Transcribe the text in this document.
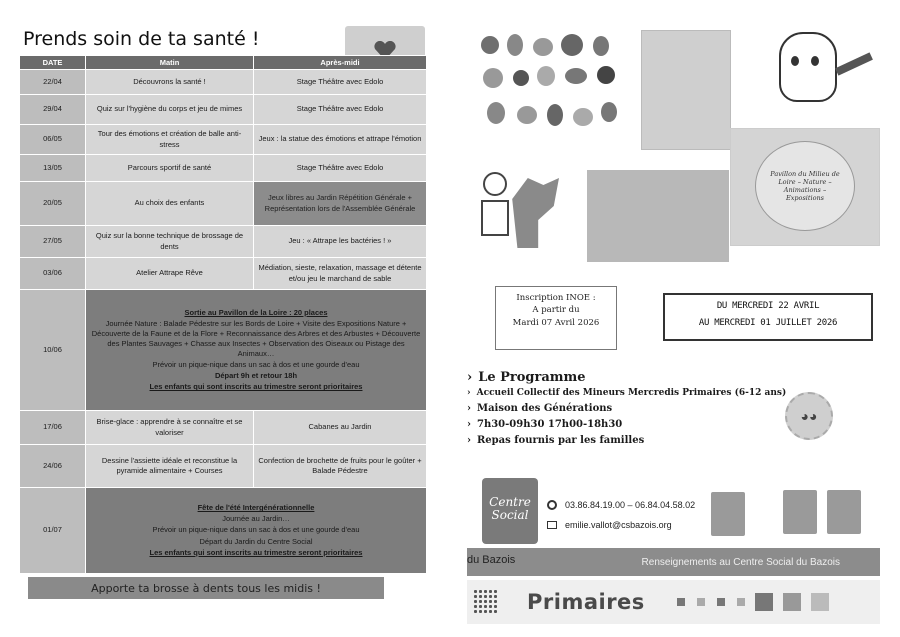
Prends soin de ta santé !
DATE	Matin	Après-midi
22/04	Découvrons la santé !	Stage Théâtre avec Edolo
29/04	Quiz sur l'hygiène du corps et jeu de mimes	Stage Théâtre avec Edolo
06/05	Tour des émotions et création de balle anti-stress	Jeux : la statue des émotions et attrape l'émotion
13/05	Parcours sportif de santé	Stage Théâtre avec Edolo
20/05	Au choix des enfants	Jeux libres au Jardin Répétition Générale + Représentation lors de l'Assemblée Générale
27/05	Quiz sur la bonne technique de brossage de dents	Jeu : « Attrape les bactéries ! »
03/06	Atelier Attrape Rêve	Médiation, sieste, relaxation, massage et détente et/ou jeu le marchand de sable
10/06	Sortie au Pavillon de la Loire : 20 places

Journée Nature : Balade Pédestre sur les Bords de Loire + Visite des Expositions Nature + Découverte de la Faune et de la Flore + Reconnaissance des Arbres et des Arbustes + Découverte des Plantes Sauvages + Chasse aux Insectes + Observation des Oiseaux ou Pistage des Animaux…

Prévoir un pique-nique dans un sac à dos et une gourde d'eau

Départ 9h et retour 18h

Les enfants qui sont inscrits au trimestre seront prioritaires	

17/06	Brise-glace : apprendre à se connaître et se valoriser	Cabanes au Jardin
24/06	Dessine l'assiette idéale et reconstitue la pyramide alimentaire + Courses	Confection de brochette de fruits pour le goûter + Balade Pédestre
01/07	Fête de l'été Intergénérationnelle

Journée au Jardin…

Prévoir un pique-nique dans un sac à dos et une gourde d'eau

Départ du Jardin du Centre Social

Les enfants qui sont inscrits au trimestre seront prioritaires	

Apporte ta brosse à dents tous les midis !
Pavillon du Milieu de Loire – Nature – Animations – Expositions
Inscription INOE :
A partir du
Mardi 07 Avril 2026
DU MERCREDI 22 AVRIL
AU MERCREDI 01 JUILLET 2026
› Le Programme
› Accueil Collectif des Mineurs Mercredis Primaires (6-12 ans)
› Maison des Générations
› 7h30-09h30 17h00-18h30
› Repas fournis par les familles
◕◕
Centre Social
03.86.84.19.00 – 06.84.04.58.02
emilie.vallot@csbazois.org
du Bazois	Renseignements au Centre Social du Bazois
Primaires
